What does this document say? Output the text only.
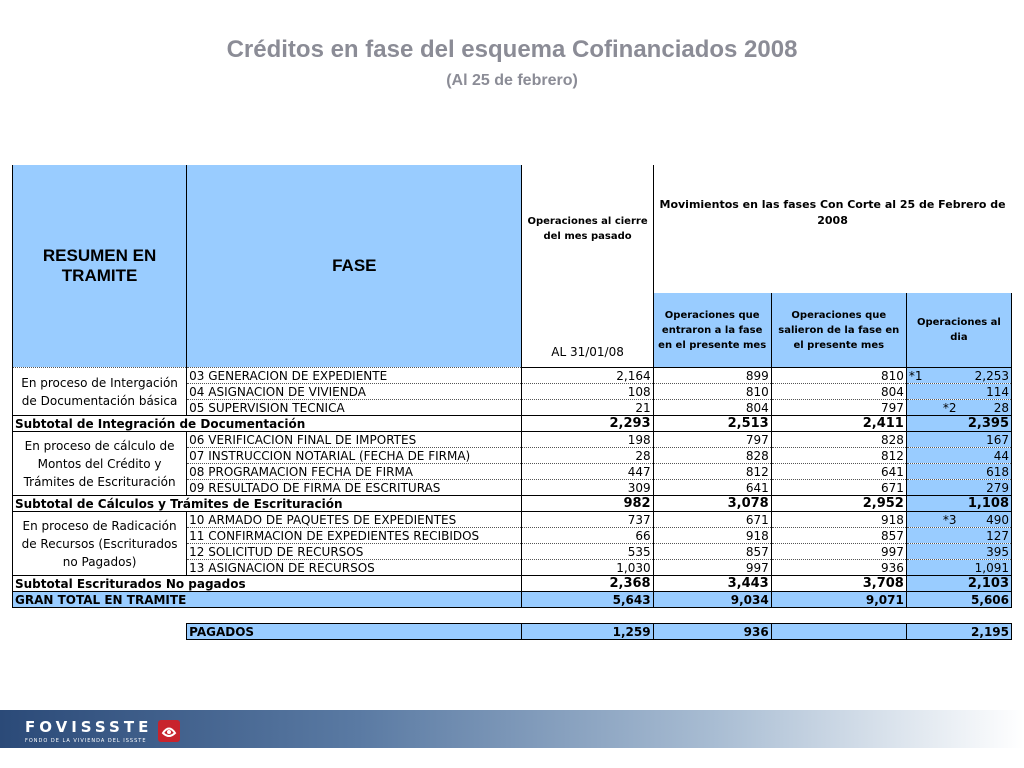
Créditos en fase del esquema Cofinanciados 2008
(Al 25 de febrero)
RESUMEN EN TRAMITE	FASE	Operaciones al cierre del mes pasado	Movimientos en las fases Con Corte al 25 de Febrero de 2008		
		AL 31/01/08	Operaciones que entraron a la fase en el presente mes	Operaciones que salieron de la fase en el presente mes	Operaciones al dia
En proceso de Intergación de Documentación básica	03 GENERACION DE EXPEDIENTE	2,164	899	810	*1 2,253
	04 ASIGNACION DE VIVIENDA	108	810	804	114
	05 SUPERVISION TECNICA	21	804	797	*2 28
Subtotal de Integración de Documentación		2,293	2,513	2,411	2,395
En proceso de cálculo de Montos del Crédito y Trámites de Escrituración	06 VERIFICACION FINAL DE IMPORTES	198	797	828	167
	07 INSTRUCCION NOTARIAL (FECHA DE FIRMA)	28	828	812	44
	08 PROGRAMACION FECHA DE FIRMA	447	812	641	618
	09 RESULTADO DE FIRMA DE ESCRITURAS	309	641	671	279
Subtotal de Cálculos y Trámites de Escrituración		982	3,078	2,952	1,108
En proceso de Radicación de Recursos (Escriturados no Pagados)	10 ARMADO DE PAQUETES DE EXPEDIENTES	737	671	918	*3 490
	11 CONFIRMACION DE EXPEDIENTES RECIBIDOS	66	918	857	127
	12 SOLICITUD DE RECURSOS	535	857	997	395
	13 ASIGNACION DE RECURSOS	1,030	997	936	1,091
Subtotal Escriturados No pagados		2,368	3,443	3,708	2,103
GRAN TOTAL EN TRAMITE		5,643	9,034	9,071	5,606

	PAGADOS	1,259	936		2,195
FOVISSSTE
FONDO DE LA VIVIENDA DEL ISSSTE
